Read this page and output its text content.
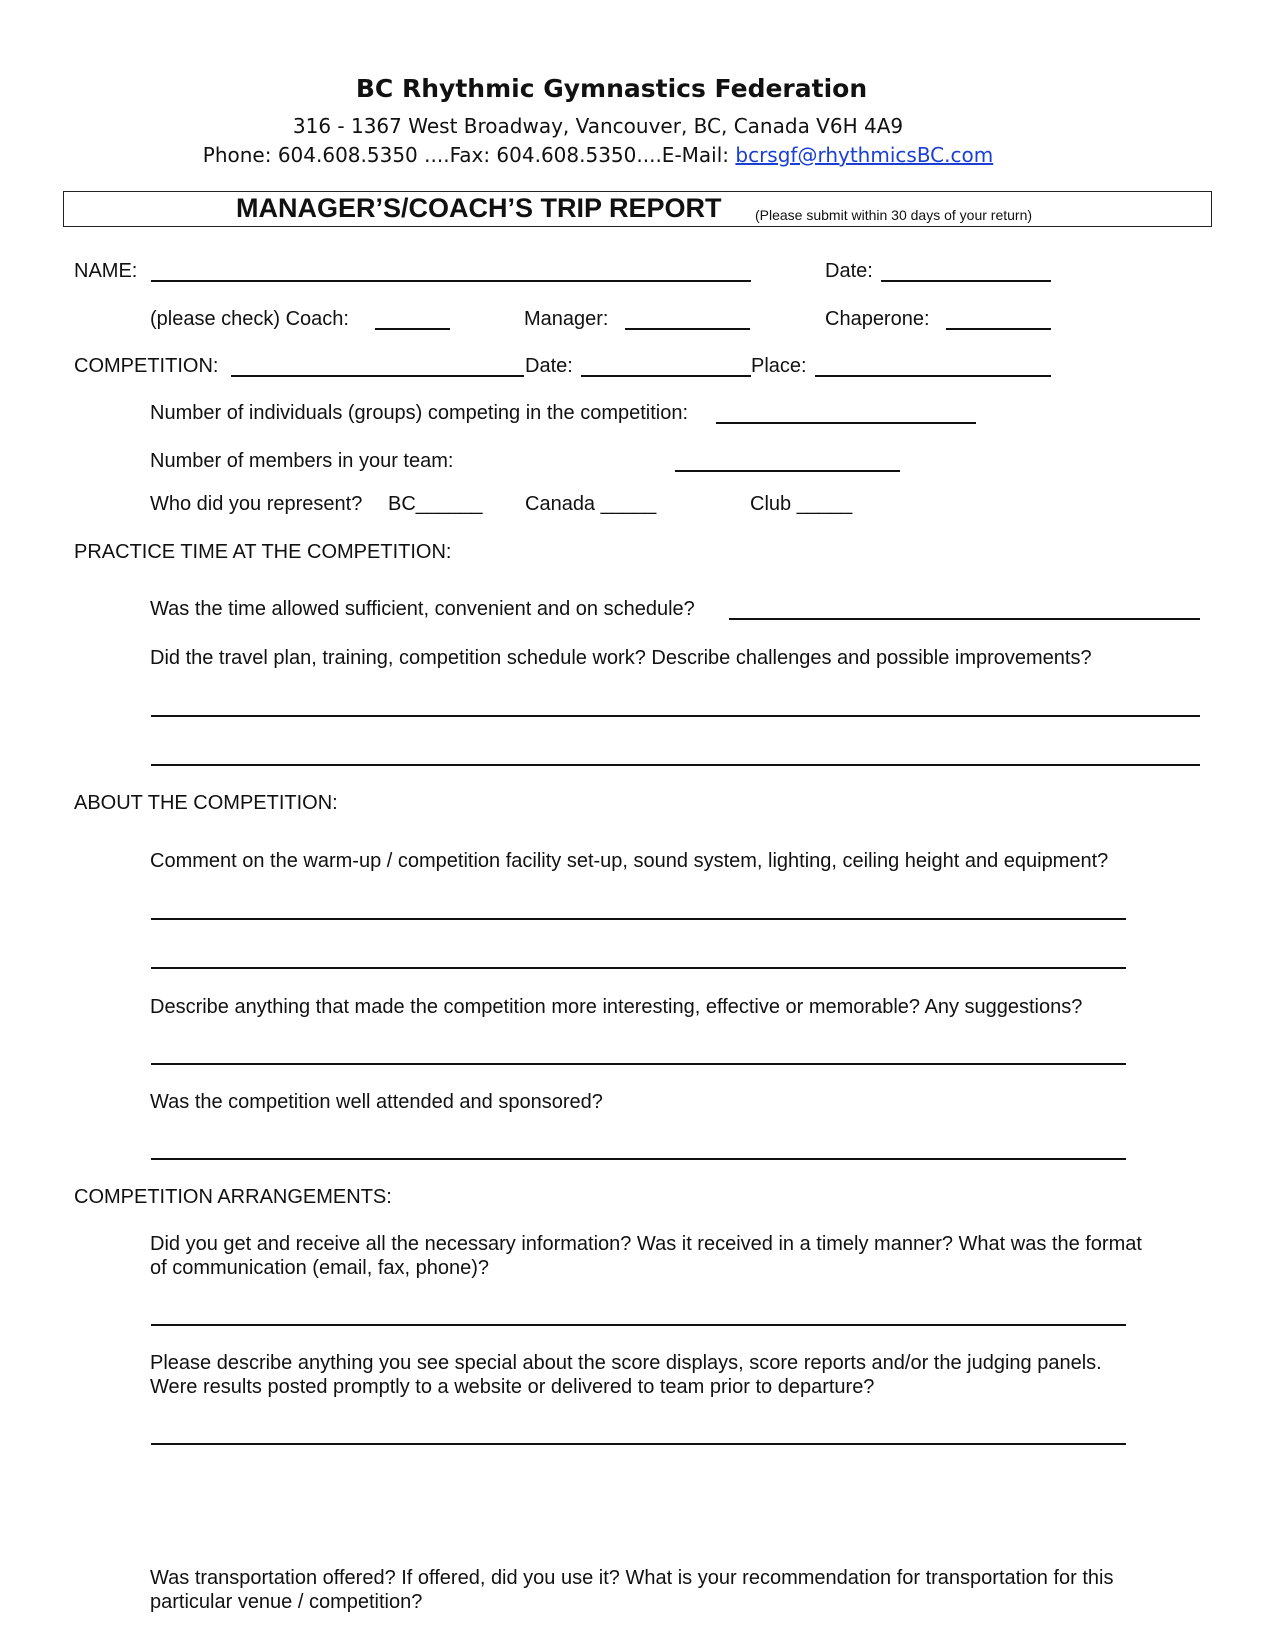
BC Rhythmic Gymnastics Federation
316 - 1367 West Broadway, Vancouver, BC, Canada V6H 4A9
Phone: 604.608.5350 ....Fax: 604.608.5350....E-Mail: bcrsgf@rhythmicsBC.com
MANAGER’S/COACH’S TRIP REPORT (Please submit within 30 days of your return)
NAME:	Date:
(please check) Coach:	Manager:	Chaperone:
COMPETITION:	Date:	Place:
Number of individuals (groups) competing in the competition:
Number of members in your team:
Who did you represent? BC______ Canada _____	Club _____
PRACTICE TIME AT THE COMPETITION:
Was the time allowed sufficient, convenient and on schedule?
Did the travel plan, training, competition schedule work? Describe challenges and possible improvements?
ABOUT THE COMPETITION:
Comment on the warm-up / competition facility set-up, sound system, lighting, ceiling height and equipment?
Describe anything that made the competition more interesting, effective or memorable? Any suggestions?
Was the competition well attended and sponsored?
COMPETITION ARRANGEMENTS:
Did you get and receive all the necessary information? Was it received in a timely manner? What was the format
of communication (email, fax, phone)?
Please describe anything you see special about the score displays, score reports and/or the judging panels.
Were results posted promptly to a website or delivered to team prior to departure?
Was transportation offered? If offered, did you use it? What is your recommendation for transportation for this
particular venue / competition?
